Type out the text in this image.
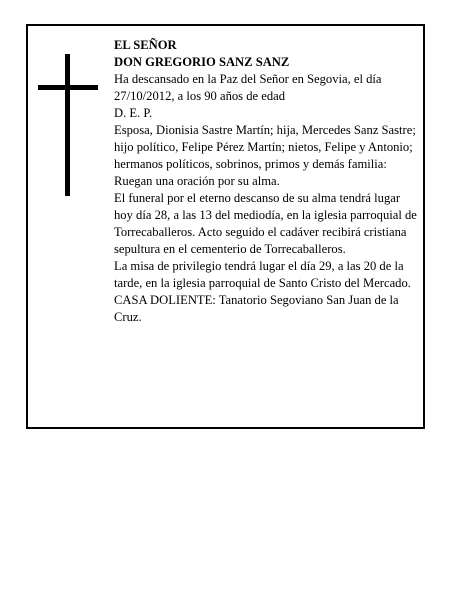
EL SEÑOR

DON GREGORIO SANZ SANZ

Ha descansado en la Paz del Señor en Segovia, el día 27/10/2012, a los 90 años de edad

D. E. P.

Esposa, Dionisia Sastre Martín; hija, Mercedes Sanz Sastre; hijo político, Felipe Pérez Martín; nietos, Felipe y Antonio; hermanos políticos, sobrinos, primos y demás familia:

Ruegan una oración por su alma.

El funeral por el eterno descanso de su alma tendrá lugar hoy día 28, a las 13 del mediodía, en la iglesia parroquial de Torrecaballeros. Acto seguido el cadáver recibirá cristiana sepultura en el cementerio de Torrecaballeros.

La misa de privilegio tendrá lugar el día 29, a las 20 de la tarde, en la iglesia parroquial de Santo Cristo del Mercado.

CASA DOLIENTE: Tanatorio Segoviano San Juan de la Cruz.
